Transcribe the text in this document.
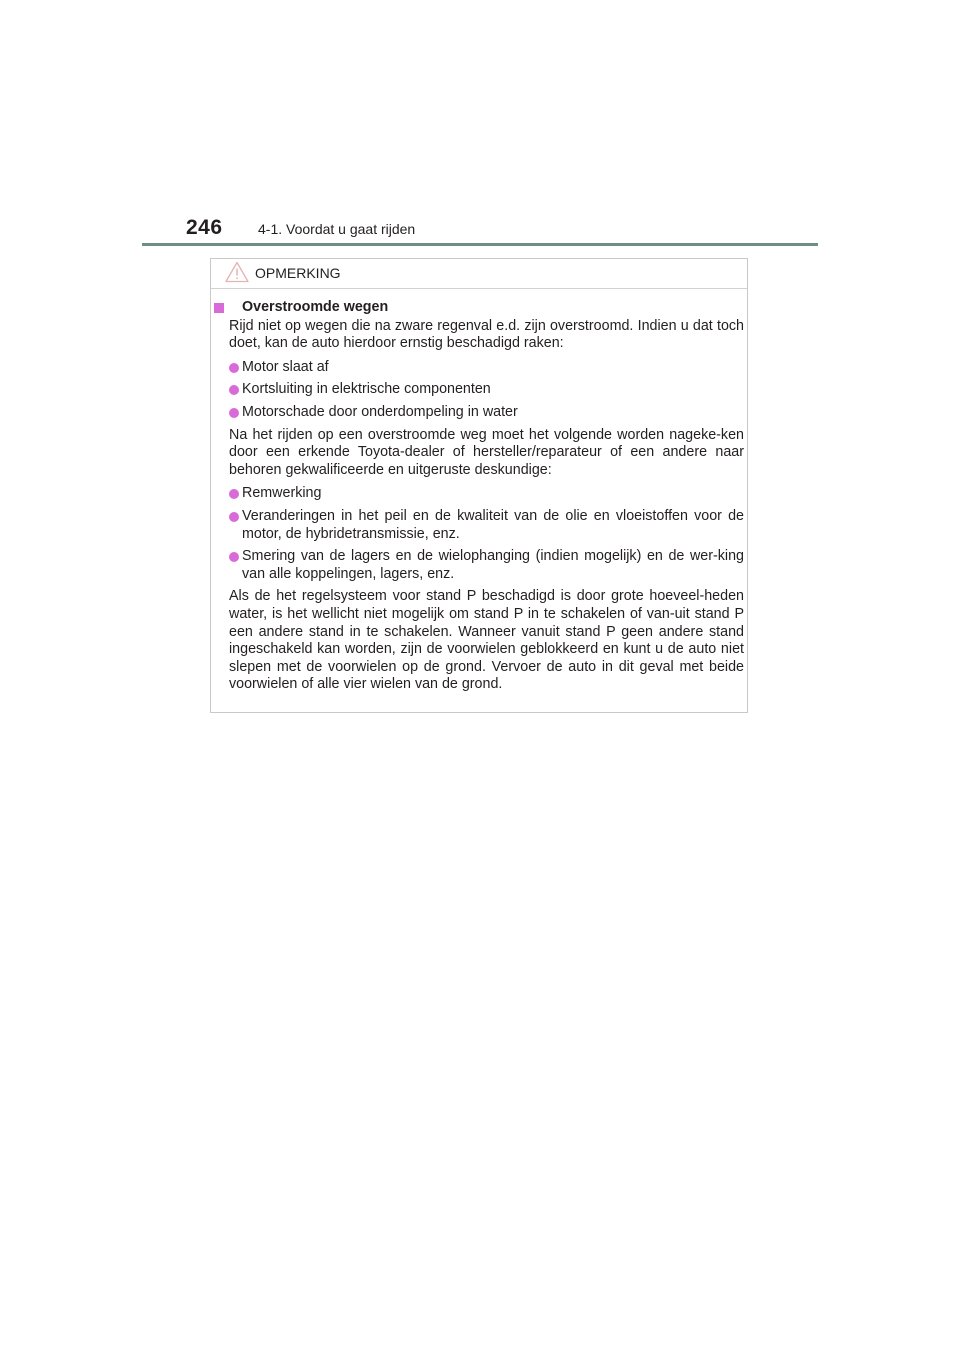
246	4-1. Voordat u gaat rijden
OPMERKING
Overstroomde wegen
Rijd niet op wegen die na zware regenval e.d. zijn overstroomd. Indien u dat toch doet, kan de auto hierdoor ernstig beschadigd raken:
Motor slaat af
Kortsluiting in elektrische componenten
Motorschade door onderdompeling in water
Na het rijden op een overstroomde weg moet het volgende worden nageke-ken door een erkende Toyota-dealer of hersteller/reparateur of een andere naar behoren gekwalificeerde en uitgeruste deskundige:
Remwerking
Veranderingen in het peil en de kwaliteit van de olie en vloeistoffen voor de motor, de hybridetransmissie, enz.
Smering van de lagers en de wielophanging (indien mogelijk) en de wer-king van alle koppelingen, lagers, enz.
Als de het regelsysteem voor stand P beschadigd is door grote hoeveel-heden water, is het wellicht niet mogelijk om stand P in te schakelen of van-uit stand P een andere stand in te schakelen. Wanneer vanuit stand P geen andere stand ingeschakeld kan worden, zijn de voorwielen geblokkeerd en kunt u de auto niet slepen met de voorwielen op de grond. Vervoer de auto in dit geval met beide voorwielen of alle vier wielen van de grond.
